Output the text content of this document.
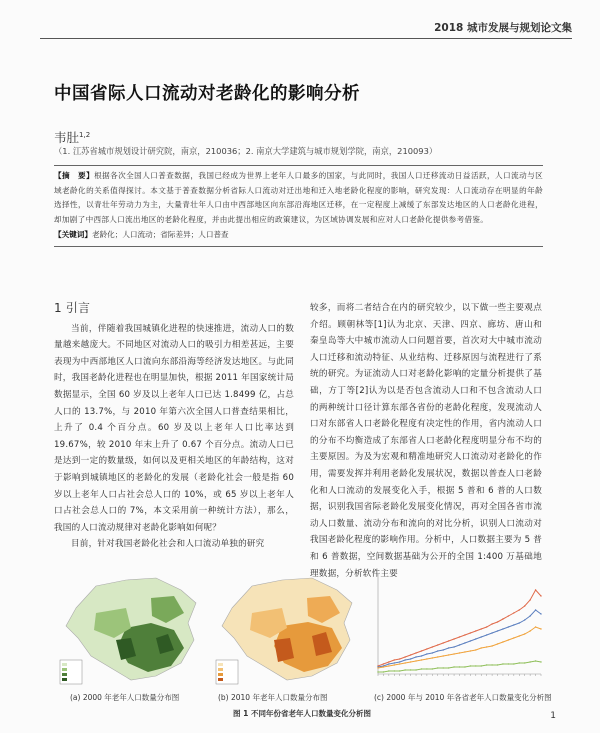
2018 城市发展与规划论文集
中国省际人口流动对老龄化的影响分析
韦肚$^{1,2}$
（1. 江苏省城市规划设计研究院，南京，210036；2. 南京大学建筑与城市规划学院，南京，210093）
【摘　要】根据各次全国人口普查数据，我国已经成为世界上老年人口最多的国家，与此同时，我国人口迁移流动日益活跃，人口流动与区域老龄化的关系值得探讨。本文基于普查数据分析省际人口流动对迁出地和迁入地老龄化程度的影响，研究发现：人口流动存在明显的年龄选择性，以青壮年劳动力为主，大量青壮年人口由中西部地区向东部沿海地区迁移，在一定程度上减缓了东部发达地区的人口老龄化进程，却加剧了中西部人口流出地区的老龄化程度，并由此提出相应的政策建议，为区域协调发展和应对人口老龄化提供参考借鉴。
【关键词】老龄化；人口流动；省际差异；人口普查
1 引言

当前，伴随着我国城镇化进程的快速推进，流动人口的数量越来越庞大。不同地区对流动人口的吸引力相差甚远，主要表现为中西部地区人口流向东部沿海等经济发达地区。与此同时，我国老龄化进程也在明显加快，根据 2011 年国家统计局数据显示，全国 60 岁及以上老年人口已达 1.8499 亿，占总人口的 13.7%，与 2010 年第六次全国人口普查结果相比，上升了 0.4 个百分点。60 岁及以上老年人口比率达到 19.67%，较 2010 年末上升了 0.67 个百分点。流动人口已是达到一定的数量级，如何以及更相关地区的年龄结构，这对于影响到城镇地区的老龄化的发展（老龄化社会一般是指 60 岁以上老年人口占社会总人口的 10%，或 65 岁以上老年人口占社会总人口的 7%，本文采用前一种统计方法），那么，我国的人口流动规律对老龄化影响如何呢？

目前，针对我国老龄化社会和人口流动单独的研究

较多，而将二者结合在内的研究较少，以下做一些主要观点介绍。顾朝林等[1]认为北京、天津、四京、廊坊、唐山和秦皇岛等大中城市流动人口问题首要，首次对大中城市流动人口迁移和流动特征、从业结构、迁移原因与流程进行了系统的研究。为证流动人口对老龄化影响的定量分析提供了基础，方丁等[2]认为以是否包含流动人口和不包含流动人口的两种统计口径计算东部各省份的老龄化程度，发现流动人口对东部省人口老龄化程度有决定性的作用，省内流动人口的分布不均衡造成了东部省人口老龄化程度明显分布不均的主要原因。为及为宏观和精准地研究人口流动对老龄化的作用，需要发挥并利用老龄化发展状况，数据以普查人口老龄化和人口流动的发展变化入手，根据 5 普和 6 普的人口数据，识别我国省际老龄化发展变化情况，再对全国各省市流动人口数量、流动分布和流向的对比分析，识别人口流动对我国老龄化程度的影响作用。分析中，人口数据主要为 5 普和 6 普数据，空间数据基础为公开的全国 1:400 万基础地理数据，分析软件主要

(a) 2000 年老年人口数量分布图	(b) 2010 年老年人口数量分布图	(c) 2000 年与 2010 年各省老年人口数量变化分析图
图 1 不同年份省老年人口数量变化分析图	1
